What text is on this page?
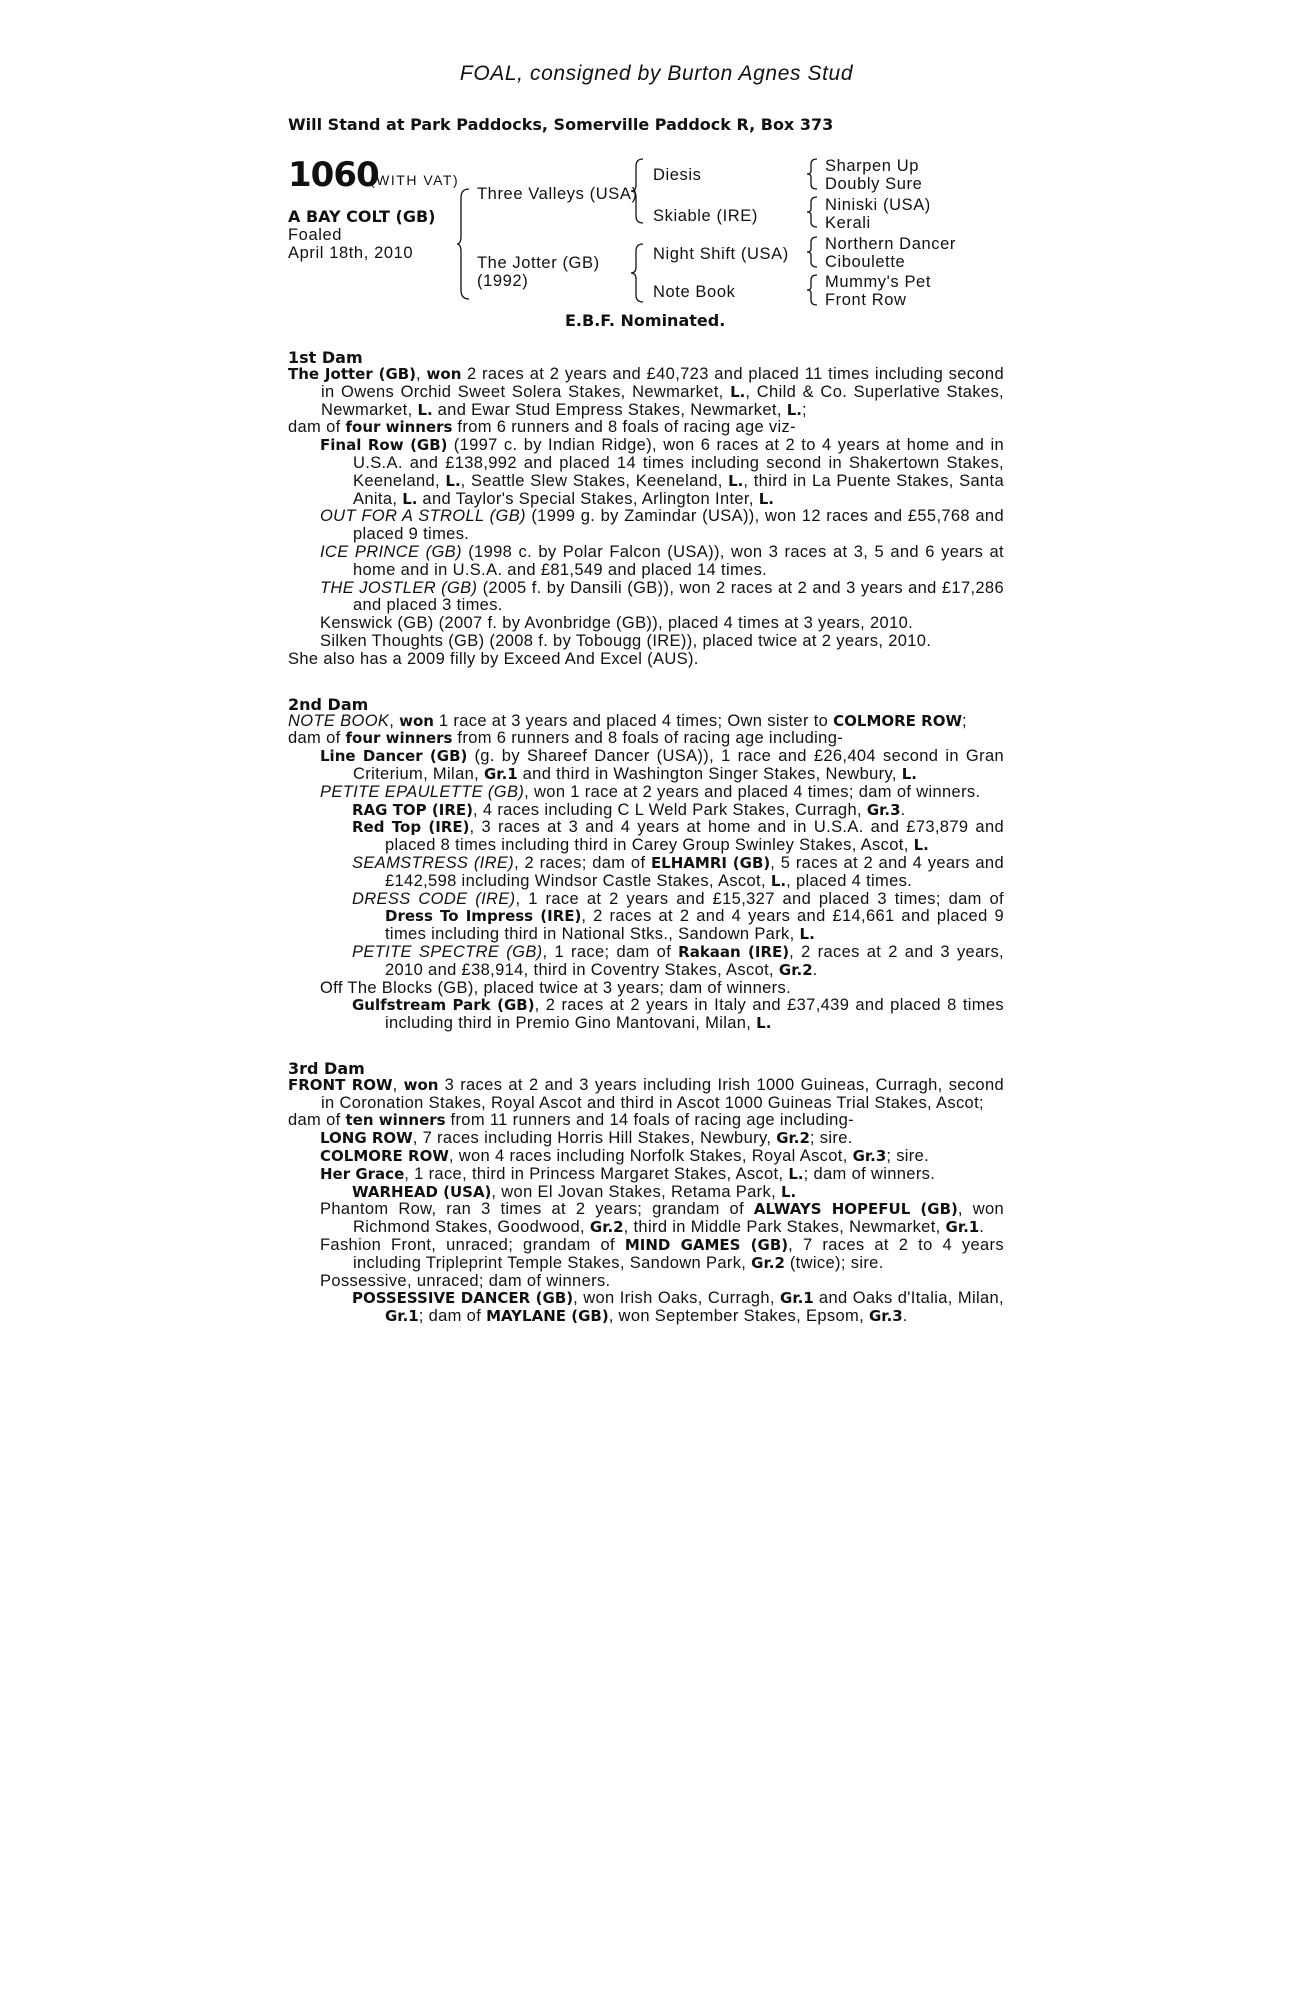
FOAL, consigned by Burton Agnes Stud
Will Stand at Park Paddocks, Somerville Paddock R, Box 373
1060
(WITH VAT)
A BAY COLT (GB)
Foaled
April 18th, 2010
Three Valleys (USA)
The Jotter (GB)
(1992)
Diesis
Skiable (IRE)
Night Shift (USA)
Note Book
Sharpen Up
Doubly Sure
Niniski (USA)
Kerali
Northern Dancer
Ciboulette
Mummy's Pet
Front Row
E.B.F. Nominated.
1st Dam
The Jotter (GB), won 2 races at 2 years and £40,723 and placed 11 times including second in Owens Orchid Sweet Solera Stakes, Newmarket, L., Child & Co. Superlative Stakes, Newmarket, L. and Ewar Stud Empress Stakes, Newmarket, L.;
dam of four winners from 6 runners and 8 foals of racing age viz-
Final Row (GB) (1997 c. by Indian Ridge), won 6 races at 2 to 4 years at home and in U.S.A. and £138,992 and placed 14 times including second in Shakertown Stakes, Keeneland, L., Seattle Slew Stakes, Keeneland, L., third in La Puente Stakes, Santa Anita, L. and Taylor's Special Stakes, Arlington Inter, L.
OUT FOR A STROLL (GB) (1999 g. by Zamindar (USA)), won 12 races and £55,768 and placed 9 times.
ICE PRINCE (GB) (1998 c. by Polar Falcon (USA)), won 3 races at 3, 5 and 6 years at home and in U.S.A. and £81,549 and placed 14 times.
THE JOSTLER (GB) (2005 f. by Dansili (GB)), won 2 races at 2 and 3 years and £17,286 and placed 3 times.
Kenswick (GB) (2007 f. by Avonbridge (GB)), placed 4 times at 3 years, 2010.
Silken Thoughts (GB) (2008 f. by Tobougg (IRE)), placed twice at 2 years, 2010.
She also has a 2009 filly by Exceed And Excel (AUS).
2nd Dam
NOTE BOOK, won 1 race at 3 years and placed 4 times; Own sister to COLMORE ROW;
dam of four winners from 6 runners and 8 foals of racing age including-
Line Dancer (GB) (g. by Shareef Dancer (USA)), 1 race and £26,404 second in Gran Criterium, Milan, Gr.1 and third in Washington Singer Stakes, Newbury, L.
PETITE EPAULETTE (GB), won 1 race at 2 years and placed 4 times; dam of winners.
RAG TOP (IRE), 4 races including C L Weld Park Stakes, Curragh, Gr.3.
Red Top (IRE), 3 races at 3 and 4 years at home and in U.S.A. and £73,879 and placed 8 times including third in Carey Group Swinley Stakes, Ascot, L.
SEAMSTRESS (IRE), 2 races; dam of ELHAMRI (GB), 5 races at 2 and 4 years and £142,598 including Windsor Castle Stakes, Ascot, L., placed 4 times.
DRESS CODE (IRE), 1 race at 2 years and £15,327 and placed 3 times; dam of Dress To Impress (IRE), 2 races at 2 and 4 years and £14,661 and placed 9 times including third in National Stks., Sandown Park, L.
PETITE SPECTRE (GB), 1 race; dam of Rakaan (IRE), 2 races at 2 and 3 years, 2010 and £38,914, third in Coventry Stakes, Ascot, Gr.2.
Off The Blocks (GB), placed twice at 3 years; dam of winners.
Gulfstream Park (GB), 2 races at 2 years in Italy and £37,439 and placed 8 times including third in Premio Gino Mantovani, Milan, L.
3rd Dam
FRONT ROW, won 3 races at 2 and 3 years including Irish 1000 Guineas, Curragh, second in Coronation Stakes, Royal Ascot and third in Ascot 1000 Guineas Trial Stakes, Ascot;
dam of ten winners from 11 runners and 14 foals of racing age including-
LONG ROW, 7 races including Horris Hill Stakes, Newbury, Gr.2; sire.
COLMORE ROW, won 4 races including Norfolk Stakes, Royal Ascot, Gr.3; sire.
Her Grace, 1 race, third in Princess Margaret Stakes, Ascot, L.; dam of winners.
WARHEAD (USA), won El Jovan Stakes, Retama Park, L.
Phantom Row, ran 3 times at 2 years; grandam of ALWAYS HOPEFUL (GB), won Richmond Stakes, Goodwood, Gr.2, third in Middle Park Stakes, Newmarket, Gr.1.
Fashion Front, unraced; grandam of MIND GAMES (GB), 7 races at 2 to 4 years including Tripleprint Temple Stakes, Sandown Park, Gr.2 (twice); sire.
Possessive, unraced; dam of winners.
POSSESSIVE DANCER (GB), won Irish Oaks, Curragh, Gr.1 and Oaks d'Italia, Milan, Gr.1; dam of MAYLANE (GB), won September Stakes, Epsom, Gr.3.
